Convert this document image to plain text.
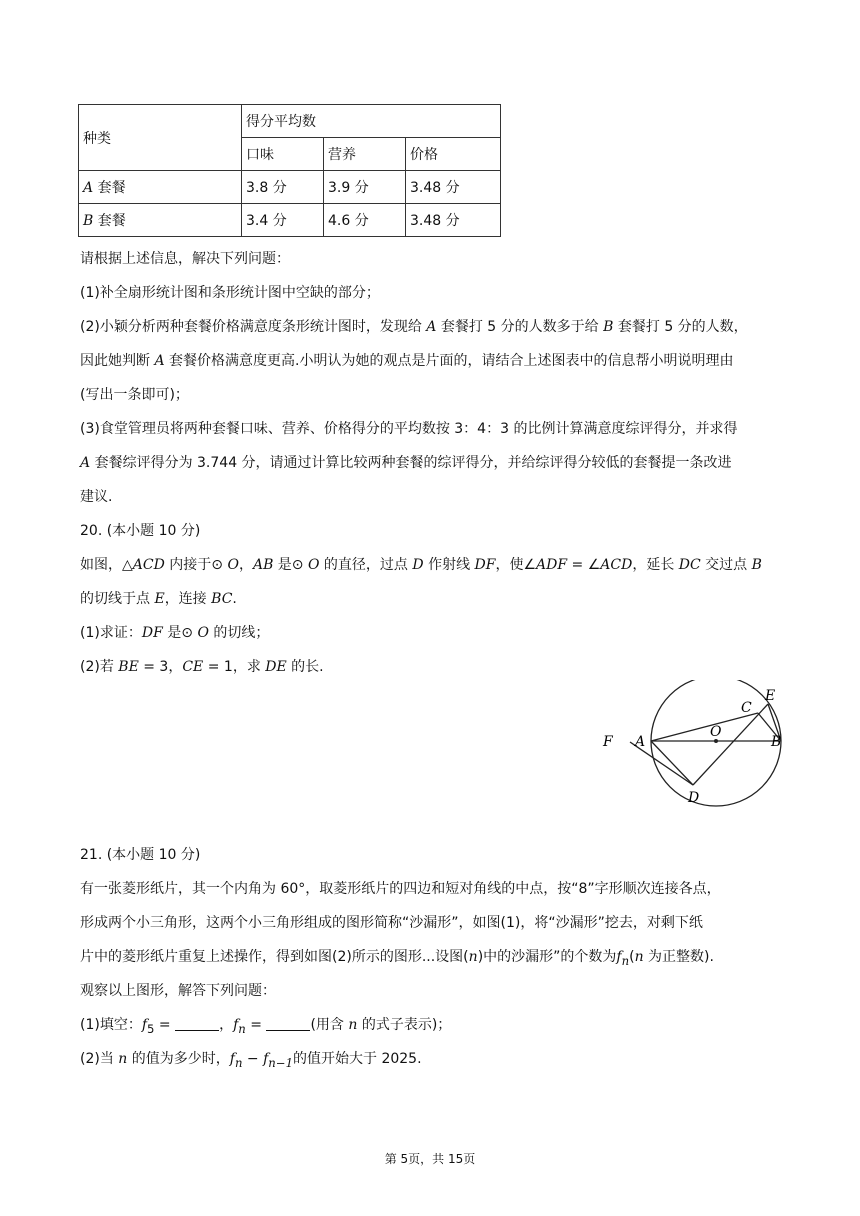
种类	得分平均数		
	口味	营养	价格
A 套餐	3.8 分	3.9 分	3.48 分
B 套餐	3.4 分	4.6 分	3.48 分
请根据上述信息，解决下列问题：
(1)补全扇形统计图和条形统计图中空缺的部分；
(2)小颖分析两种套餐价格满意度条形统计图时，发现给 A 套餐打 5 分的人数多于给 B 套餐打 5 分的人数，
因此她判断 A 套餐价格满意度更高.小明认为她的观点是片面的，请结合上述图表中的信息帮小明说明理由
(写出一条即可)；
(3)食堂管理员将两种套餐口味、营养、价格得分的平均数按 3：4：3 的比例计算满意度综评得分，并求得
A 套餐综评得分为 3.744 分，请通过计算比较两种套餐的综评得分，并给综评得分较低的套餐提一条改进
建议.
20. (本小题 10 分)
如图，△ACD 内接于⊙ O，AB 是⊙ O 的直径，过点 D 作射线 DF，使∠ADF = ∠ACD，延长 DC 交过点 B
的切线于点 E，连接 BC.
(1)求证：DF 是⊙ O 的切线；
(2)若 BE = 3，CE = 1，求 DE 的长.
F A
O
B
C
E
D
21. (本小题 10 分)
有一张菱形纸片，其一个内角为 60°，取菱形纸片的四边和短对角线的中点，按“8”字形顺次连接各点，
形成两个小三角形，这两个小三角形组成的图形简称“沙漏形”，如图(1)，将“沙漏形”挖去，对剩下纸
片中的菱形纸片重复上述操作，得到如图(2)所示的图形...设图(n)中的沙漏形”的个数为$f_n(n$ 为正整数).
观察以上图形，解答下列问题：
(1)填空：$f_5$ =	，$f_n$ =	(用含 n 的式子表示)；
(2)当 n 的值为多少时，$f_n - f_{n-1}$的值开始大于 2025.
第 5页，共 15页
